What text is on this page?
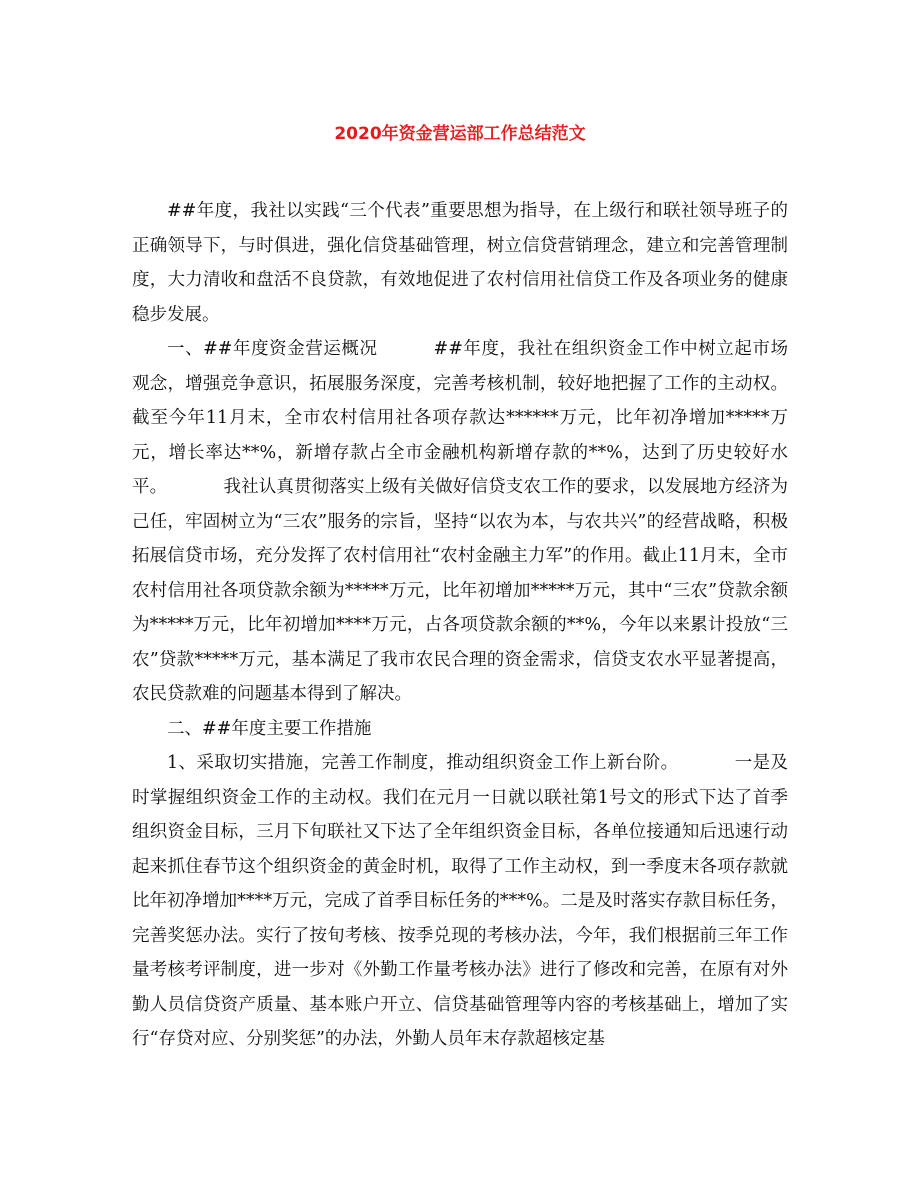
2020年资金营运部工作总结范文

##年度，我社以实践“三个代表”重要思想为指导，在上级行和联社领导班子的正确领导下，与时俱进，强化信贷基础管理，树立信贷营销理念，建立和完善管理制度，大力清收和盘活不良贷款，有效地促进了农村信用社信贷工作及各项业务的健康稳步发展。

一、##年度资金营运概况	##年度，我社在组织资金工作中树立起市场观念，增强竞争意识，拓展服务深度，完善考核机制，较好地把握了工作的主动权。截至今年11月末，全市农村信用社各项存款达******万元，比年初净增加*****万元，增长率达**%，新增存款占全市金融机构新增存款的**%，达到了历史较好水平。	我社认真贯彻落实上级有关做好信贷支农工作的要求，以发展地方经济为己任，牢固树立为“三农”服务的宗旨，坚持“以农为本，与农共兴”的经营战略，积极拓展信贷市场，充分发挥了农村信用社“农村金融主力军”的作用。截止11月末，全市农村信用社各项贷款余额为*****万元，比年初增加*****万元，其中“三农”贷款余额为*****万元，比年初增加****万元，占各项贷款余额的**%，今年以来累计投放“三农”贷款*****万元，基本满足了我市农民合理的资金需求，信贷支农水平显著提高，农民贷款难的问题基本得到了解决。

二、##年度主要工作措施

1、采取切实措施，完善工作制度，推动组织资金工作上新台阶。	一是及时掌握组织资金工作的主动权。我们在元月一日就以联社第1号文的形式下达了首季组织资金目标，三月下旬联社又下达了全年组织资金目标，各单位接通知后迅速行动起来抓住春节这个组织资金的黄金时机，取得了工作主动权，到一季度末各项存款就比年初净增加****万元，完成了首季目标任务的***%。二是及时落实存款目标任务，完善奖惩办法。实行了按旬考核、按季兑现的考核办法，今年，我们根据前三年工作量考核考评制度，进一步对《外勤工作量考核办法》进行了修改和完善，在原有对外勤人员信贷资产质量、基本账户开立、信贷基础管理等内容的考核基础上，增加了实行“存贷对应、分别奖惩”的办法，外勤人员年末存款超核定基
